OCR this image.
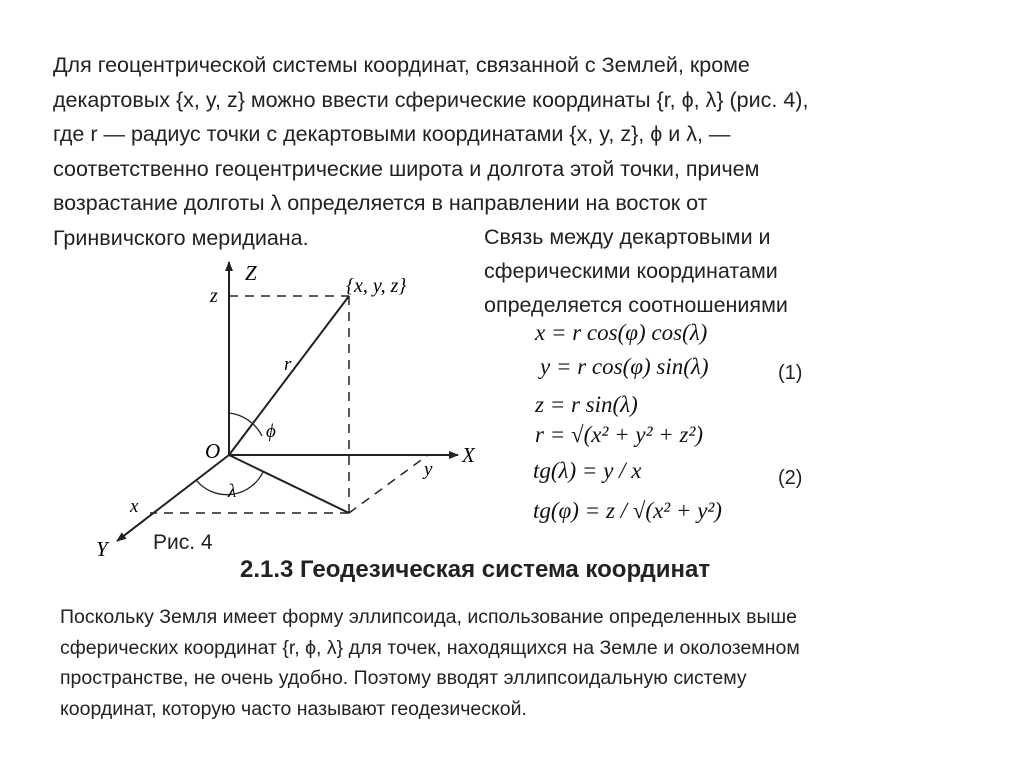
Для геоцентрической системы координат, связанной с Землей, кроме
декартовых {x, y, z} можно ввести сферические координаты {r, ϕ, λ} (рис. 4),
где r — радиус точки с декартовыми координатами {x, y, z}, ϕ и λ, —
соответственно геоцентрические широта и долгота этой точки, причем
возрастание долготы λ определяется в направлении на восток от
Гринвичского меридиана.	Связь между декартовыми и
сферическими координатами
определяется соотношениями
x = r cos(φ) cos(λ)
y = r cos(φ) sin(λ)
z = r sin(λ)
r = √(x² + y² + z²)
tg(λ) = y / x
tg(φ) = z / √(x² + y²)
(1)
(2)
Z
z	{x, y, z}
r
ϕ
O	X
y
λ
x
Y Рис. 4
2.1.3 Геодезическая система координат
Поскольку Земля имеет форму эллипсоида, использование определенных выше
сферических координат {r, ϕ, λ} для точек, находящихся на Земле и околоземном
пространстве, не очень удобно. Поэтому вводят эллипсоидальную систему
координат, которую часто называют геодезической.
